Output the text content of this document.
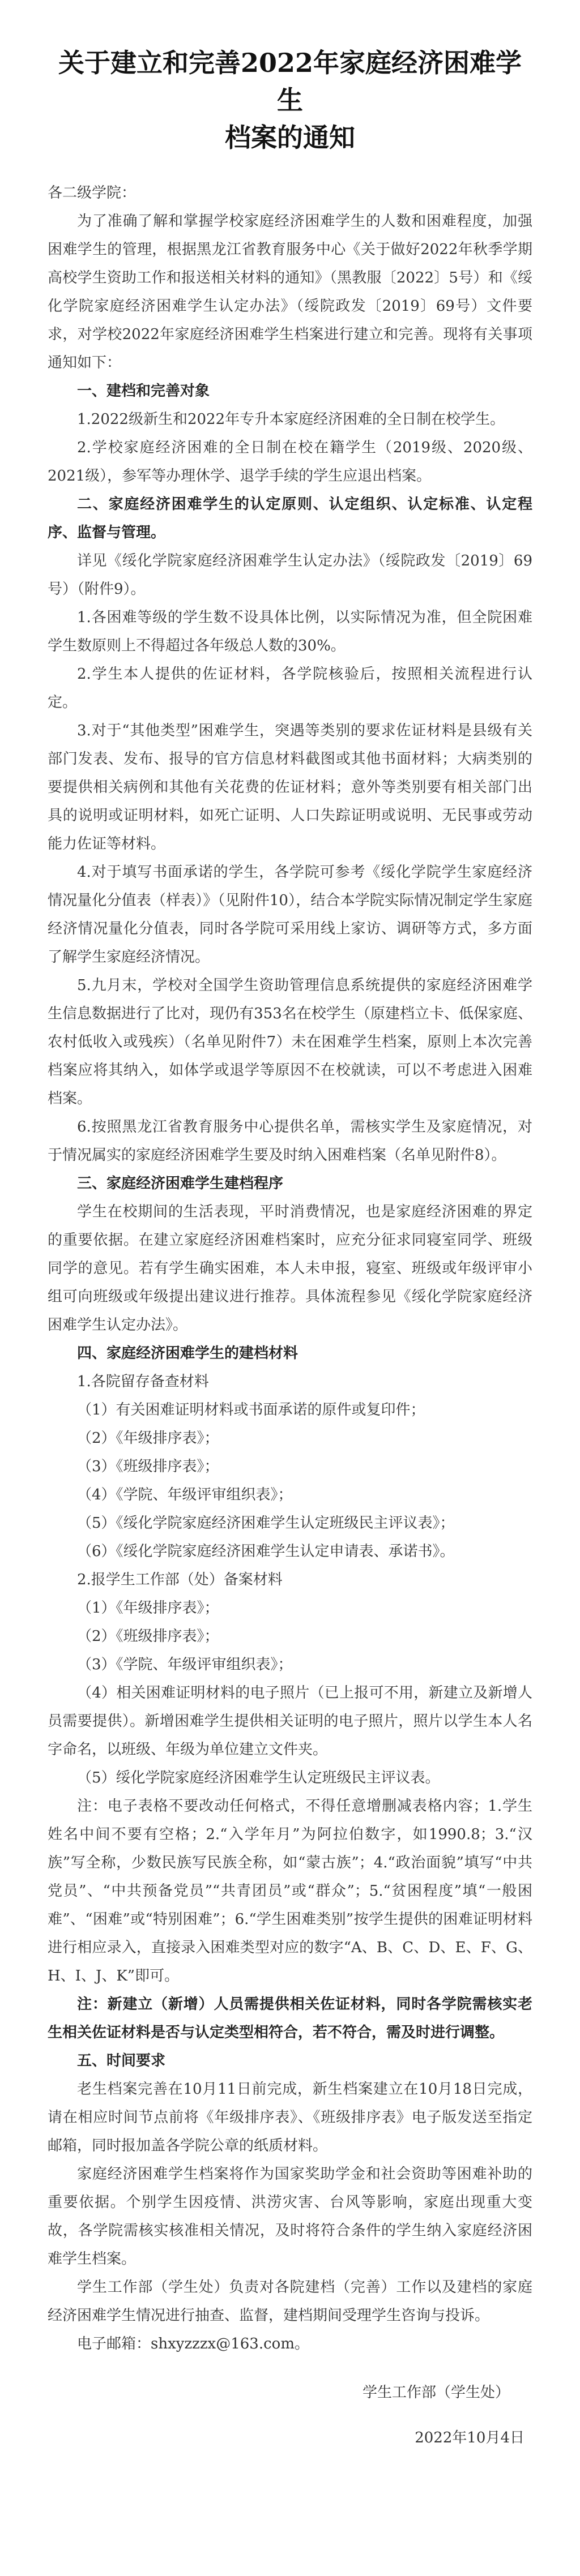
关于建立和完善2022年家庭经济困难学生
档案的通知

各二级学院：

为了准确了解和掌握学校家庭经济困难学生的人数和困难程度，加强困难学生的管理，根据黑龙江省教育服务中心《关于做好2022年秋季学期高校学生资助工作和报送相关材料的通知》（黑教服〔2022〕5号）和《绥化学院家庭经济困难学生认定办法》（绥院政发〔2019〕69号）文件要求，对学校2022年家庭经济困难学生档案进行建立和完善。现将有关事项通知如下：

一、建档和完善对象

1.2022级新生和2022年专升本家庭经济困难的全日制在校学生。

2.学校家庭经济困难的全日制在校在籍学生（2019级、2020级、2021级），参军等办理休学、退学手续的学生应退出档案。

二、家庭经济困难学生的认定原则、认定组织、认定标准、认定程序、监督与管理。

详见《绥化学院家庭经济困难学生认定办法》（绥院政发〔2019〕69号）（附件9）。

1.各困难等级的学生数不设具体比例，以实际情况为准，但全院困难学生数原则上不得超过各年级总人数的30%。

2.学生本人提供的佐证材料，各学院核验后，按照相关流程进行认定。

3.对于“其他类型”困难学生，突遇等类别的要求佐证材料是县级有关部门发表、发布、报导的官方信息材料截图或其他书面材料；大病类别的要提供相关病例和其他有关花费的佐证材料；意外等类别要有相关部门出具的说明或证明材料，如死亡证明、人口失踪证明或说明、无民事或劳动能力佐证等材料。

4.对于填写书面承诺的学生，各学院可参考《绥化学院学生家庭经济情况量化分值表（样表）》（见附件10），结合本学院实际情况制定学生家庭经济情况量化分值表，同时各学院可采用线上家访、调研等方式，多方面了解学生家庭经济情况。

5.九月末，学校对全国学生资助管理信息系统提供的家庭经济困难学生信息数据进行了比对，现仍有353名在校学生（原建档立卡、低保家庭、农村低收入或残疾）（名单见附件7）未在困难学生档案，原则上本次完善档案应将其纳入，如体学或退学等原因不在校就读，可以不考虑进入困难档案。

6.按照黑龙江省教育服务中心提供名单，需核实学生及家庭情况，对于情况属实的家庭经济困难学生要及时纳入困难档案（名单见附件8）。

三、家庭经济困难学生建档程序

学生在校期间的生活表现，平时消费情况，也是家庭经济困难的界定的重要依据。在建立家庭经济困难档案时，应充分征求同寝室同学、班级同学的意见。若有学生确实困难，本人未申报，寝室、班级或年级评审小组可向班级或年级提出建议进行推荐。具体流程参见《绥化学院家庭经济困难学生认定办法》。

四、家庭经济困难学生的建档材料

1.各院留存备查材料

（1）有关困难证明材料或书面承诺的原件或复印件；

（2）《年级排序表》；

（3）《班级排序表》；

（4）《学院、年级评审组织表》；

（5）《绥化学院家庭经济困难学生认定班级民主评议表》；

（6）《绥化学院家庭经济困难学生认定申请表、承诺书》。

2.报学生工作部（处）备案材料

（1）《年级排序表》；

（2）《班级排序表》；

（3）《学院、年级评审组织表》；

（4）相关困难证明材料的电子照片（已上报可不用，新建立及新增人员需要提供）。新增困难学生提供相关证明的电子照片，照片以学生本人名字命名，以班级、年级为单位建立文件夹。

（5）绥化学院家庭经济困难学生认定班级民主评议表。

注：电子表格不要改动任何格式，不得任意增删减表格内容；1.学生姓名中间不要有空格；2.“入学年月”为阿拉伯数字，如1990.8；3.“汉族”写全称，少数民族写民族全称，如“蒙古族”；4.“政治面貌”填写“中共党员”、“中共预备党员”“共青团员”或“群众”；5.“贫困程度”填“一般困难”、“困难”或“特别困难”；6.“学生困难类别”按学生提供的困难证明材料进行相应录入，直接录入困难类型对应的数字“A、B、C、D、E、F、G、H、I、J、K”即可。

注：新建立（新增）人员需提供相关佐证材料，同时各学院需核实老生相关佐证材料是否与认定类型相符合，若不符合，需及时进行调整。

五、时间要求

老生档案完善在10月11日前完成，新生档案建立在10月18日完成，请在相应时间节点前将《年级排序表》、《班级排序表》电子版发送至指定邮箱，同时报加盖各学院公章的纸质材料。

家庭经济困难学生档案将作为国家奖助学金和社会资助等困难补助的重要依据。个别学生因疫情、洪涝灾害、台风等影响，家庭出现重大变故，各学院需核实核准相关情况，及时将符合条件的学生纳入家庭经济困难学生档案。

学生工作部（学生处）负责对各院建档（完善）工作以及建档的家庭经济困难学生情况进行抽查、监督，建档期间受理学生咨询与投诉。

电子邮箱：shxyzzzx@163.com。

学生工作部（学生处）

2022年10月4日
